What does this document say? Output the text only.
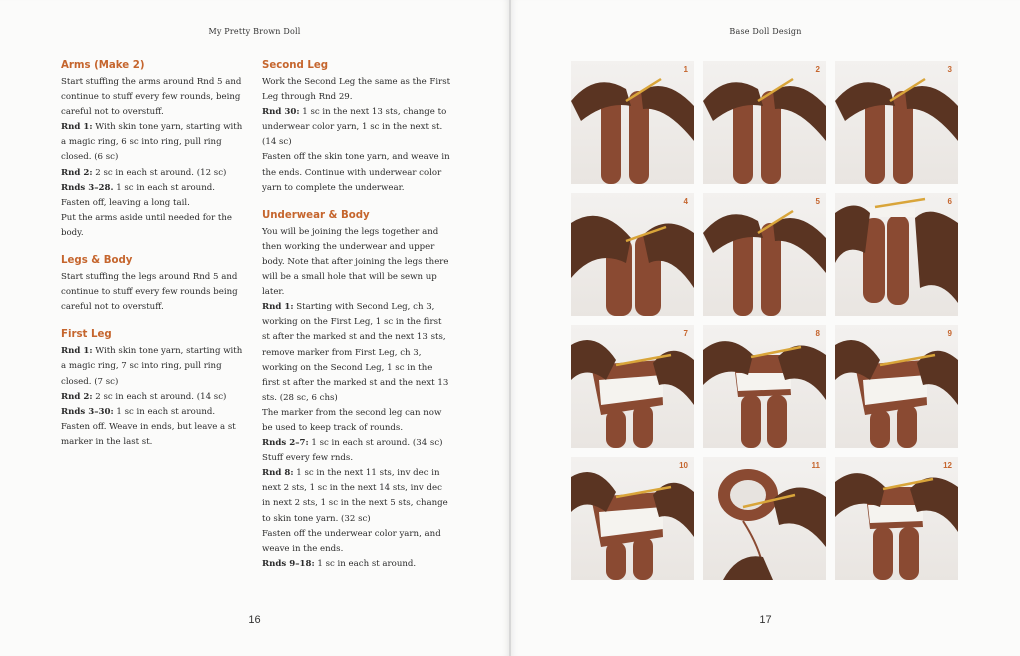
My Pretty Brown Doll
Arms (Make 2)

Start stuffing the arms around Rnd 5 and continue to stuff every few rounds, being careful not to overstuff.

Rnd 1: With skin tone yarn, starting with a magic ring, 6 sc into ring, pull ring closed. (6 sc)

Rnd 2: 2 sc in each st around. (12 sc)

Rnds 3–28. 1 sc in each st around.

Fasten off, leaving a long tail.

Put the arms aside until needed for the body.

Legs & Body

Start stuffing the legs around Rnd 5 and continue to stuff every few rounds being careful not to overstuff.

First Leg

Rnd 1: With skin tone yarn, starting with a magic ring, 7 sc into ring, pull ring closed. (7 sc)

Rnd 2: 2 sc in each st around. (14 sc)

Rnds 3–30: 1 sc in each st around.

Fasten off. Weave in ends, but leave a st marker in the last st.

Second Leg

Work the Second Leg the same as the First Leg through Rnd 29.

Rnd 30: 1 sc in the next 13 sts, change to underwear color yarn, 1 sc in the next st. (14 sc)

Fasten off the skin tone yarn, and weave in the ends. Continue with underwear color yarn to complete the underwear.

Underwear & Body

You will be joining the legs together and then working the underwear and upper body. Note that after joining the legs there will be a small hole that will be sewn up later.

Rnd 1: Starting with Second Leg, ch 3, working on the First Leg, 1 sc in the first st after the marked st and the next 13 sts, remove marker from First Leg, ch 3, working on the Second Leg, 1 sc in the first st after the marked st and the next 13 sts. (28 sc, 6 chs)

The marker from the second leg can now be used to keep track of rounds.

Rnds 2–7: 1 sc in each st around. (34 sc)

Stuff every few rnds.

Rnd 8: 1 sc in the next 11 sts, inv dec in next 2 sts, 1 sc in the next 14 sts, inv dec in next 2 sts, 1 sc in the next 5 sts, change to skin tone yarn. (32 sc)

Fasten off the underwear color yarn, and weave in the ends.

Rnds 9–18: 1 sc in each st around.

16
Base Doll Design
17
1	2	3
4	5	6
7	8	9
10	11	12
